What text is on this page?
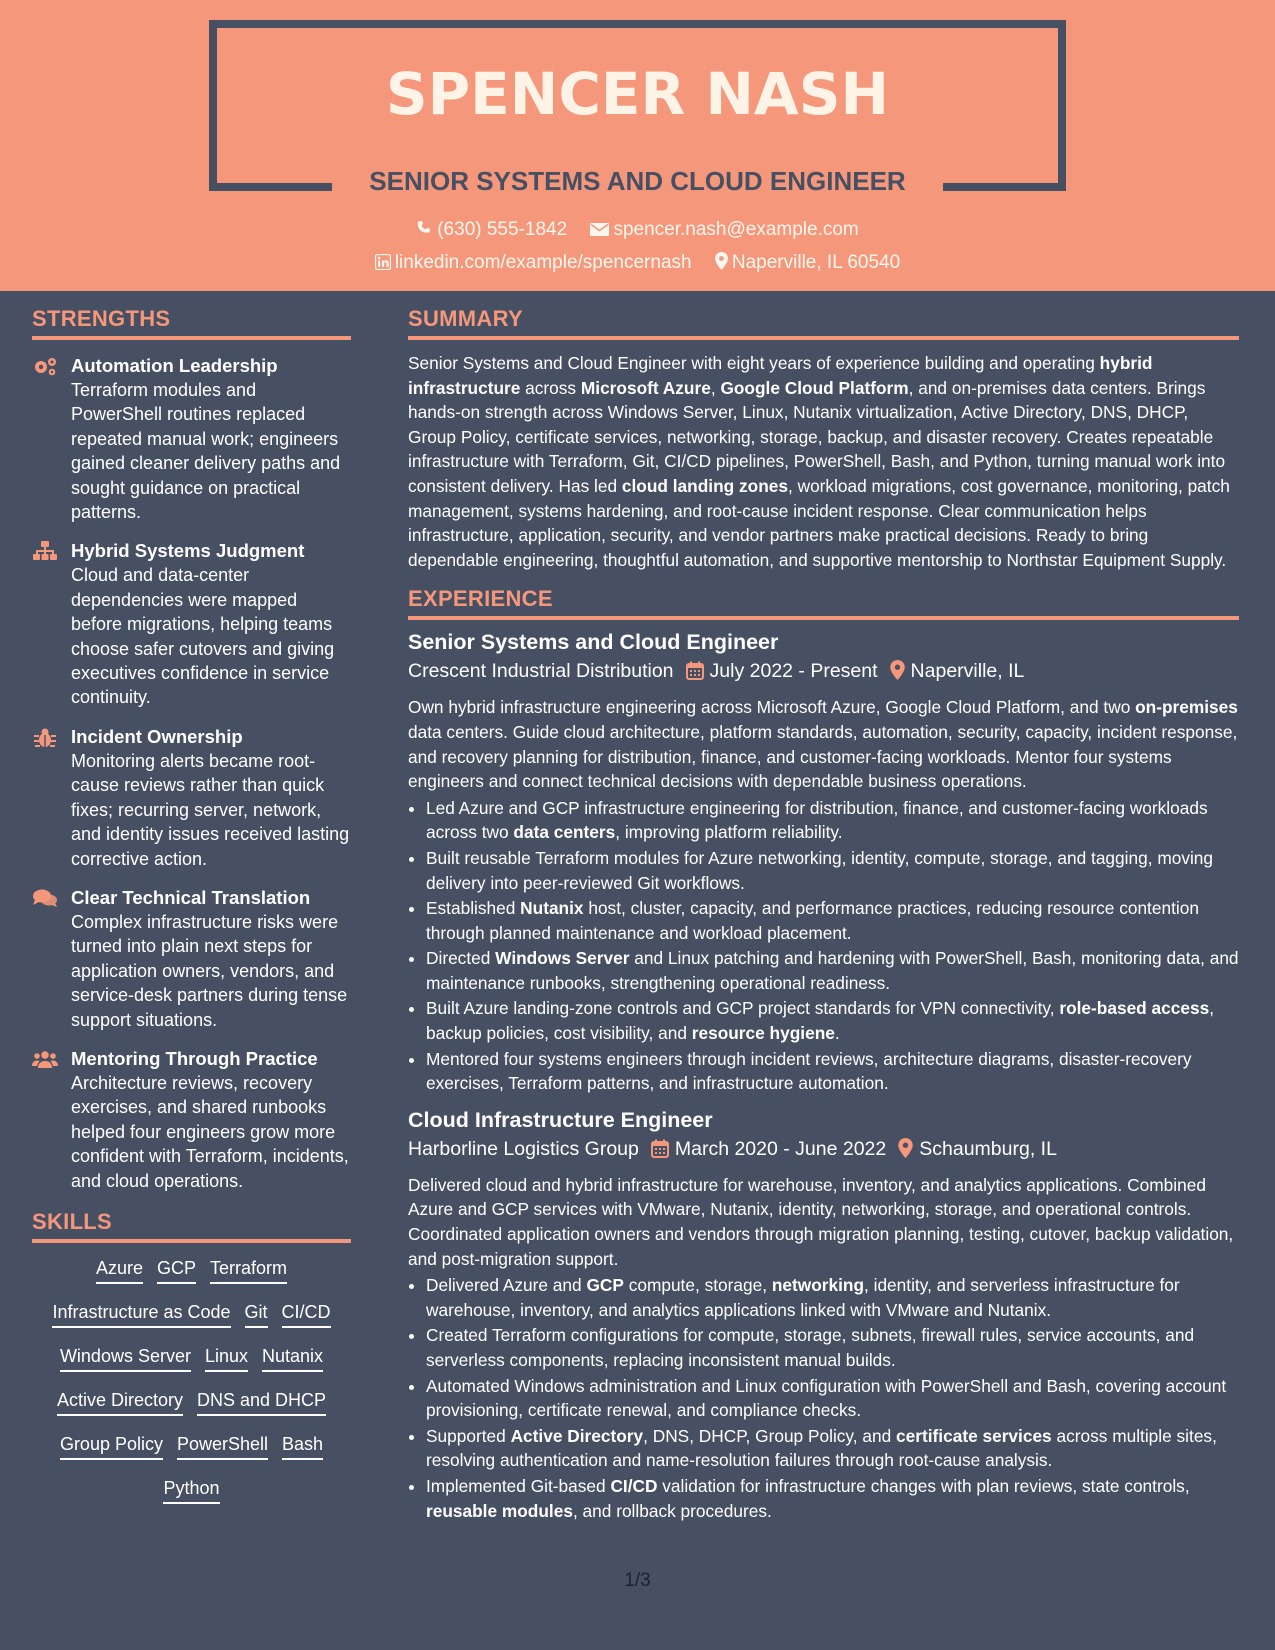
SPENCER NASH
SENIOR SYSTEMS AND CLOUD ENGINEER
(630) 555-1842 spencer.nash@example.com
linkedin.com/example/spencernash Naperville, IL 60540
STRENGTHS
Automation Leadership
Terraform modules and PowerShell routines replaced repeated manual work; engineers gained cleaner delivery paths and sought guidance on practical patterns.
Hybrid Systems Judgment
Cloud and data-center dependencies were mapped before migrations, helping teams choose safer cutovers and giving executives confidence in service continuity.
Incident Ownership
Monitoring alerts became root-cause reviews rather than quick fixes; recurring server, network, and identity issues received lasting corrective action.
Clear Technical Translation
Complex infrastructure risks were turned into plain next steps for application owners, vendors, and service-desk partners during tense support situations.
Mentoring Through Practice
Architecture reviews, recovery exercises, and shared runbooks helped four engineers grow more confident with Terraform, incidents, and cloud operations.
SKILLS
Azure GCP Terraform
Infrastructure as Code Git CI/CD
Windows Server Linux Nutanix
Active Directory DNS and DHCP
Group Policy PowerShell Bash
Python
SUMMARY
Senior Systems and Cloud Engineer with eight years of experience building and operating hybrid infrastructure across Microsoft Azure, Google Cloud Platform, and on-premises data centers. Brings hands-on strength across Windows Server, Linux, Nutanix virtualization, Active Directory, DNS, DHCP, Group Policy, certificate services, networking, storage, backup, and disaster recovery. Creates repeatable infrastructure with Terraform, Git, CI/CD pipelines, PowerShell, Bash, and Python, turning manual work into consistent delivery. Has led cloud landing zones, workload migrations, cost governance, monitoring, patch management, systems hardening, and root-cause incident response. Clear communication helps infrastructure, application, security, and vendor partners make practical decisions. Ready to bring dependable engineering, thoughtful automation, and supportive mentorship to Northstar Equipment Supply.
EXPERIENCE
Senior Systems and Cloud Engineer
Crescent Industrial Distribution July 2022 - Present Naperville, IL
Own hybrid infrastructure engineering across Microsoft Azure, Google Cloud Platform, and two on-premises data centers. Guide cloud architecture, platform standards, automation, security, capacity, incident response, and recovery planning for distribution, finance, and customer-facing workloads. Mentor four systems engineers and connect technical decisions with dependable business operations.
• Led Azure and GCP infrastructure engineering for distribution, finance, and customer-facing workloads across two data centers, improving platform reliability.
• Built reusable Terraform modules for Azure networking, identity, compute, storage, and tagging, moving delivery into peer-reviewed Git workflows.
• Established Nutanix host, cluster, capacity, and performance practices, reducing resource contention through planned maintenance and workload placement.
• Directed Windows Server and Linux patching and hardening with PowerShell, Bash, monitoring data, and maintenance runbooks, strengthening operational readiness.
• Built Azure landing-zone controls and GCP project standards for VPN connectivity, role-based access, backup policies, cost visibility, and resource hygiene.
• Mentored four systems engineers through incident reviews, architecture diagrams, disaster-recovery exercises, Terraform patterns, and infrastructure automation.
Cloud Infrastructure Engineer
Harborline Logistics Group March 2020 - June 2022 Schaumburg, IL
Delivered cloud and hybrid infrastructure for warehouse, inventory, and analytics applications. Combined Azure and GCP services with VMware, Nutanix, identity, networking, storage, and operational controls. Coordinated application owners and vendors through migration planning, testing, cutover, backup validation, and post-migration support.
• Delivered Azure and GCP compute, storage, networking, identity, and serverless infrastructure for warehouse, inventory, and analytics applications linked with VMware and Nutanix.
• Created Terraform configurations for compute, storage, subnets, firewall rules, service accounts, and serverless components, replacing inconsistent manual builds.
• Automated Windows administration and Linux configuration with PowerShell and Bash, covering account provisioning, certificate renewal, and compliance checks.
• Supported Active Directory, DNS, DHCP, Group Policy, and certificate services across multiple sites, resolving authentication and name-resolution failures through root-cause analysis.
• Implemented Git-based CI/CD validation for infrastructure changes with plan reviews, state controls, reusable modules, and rollback procedures.
1/3
